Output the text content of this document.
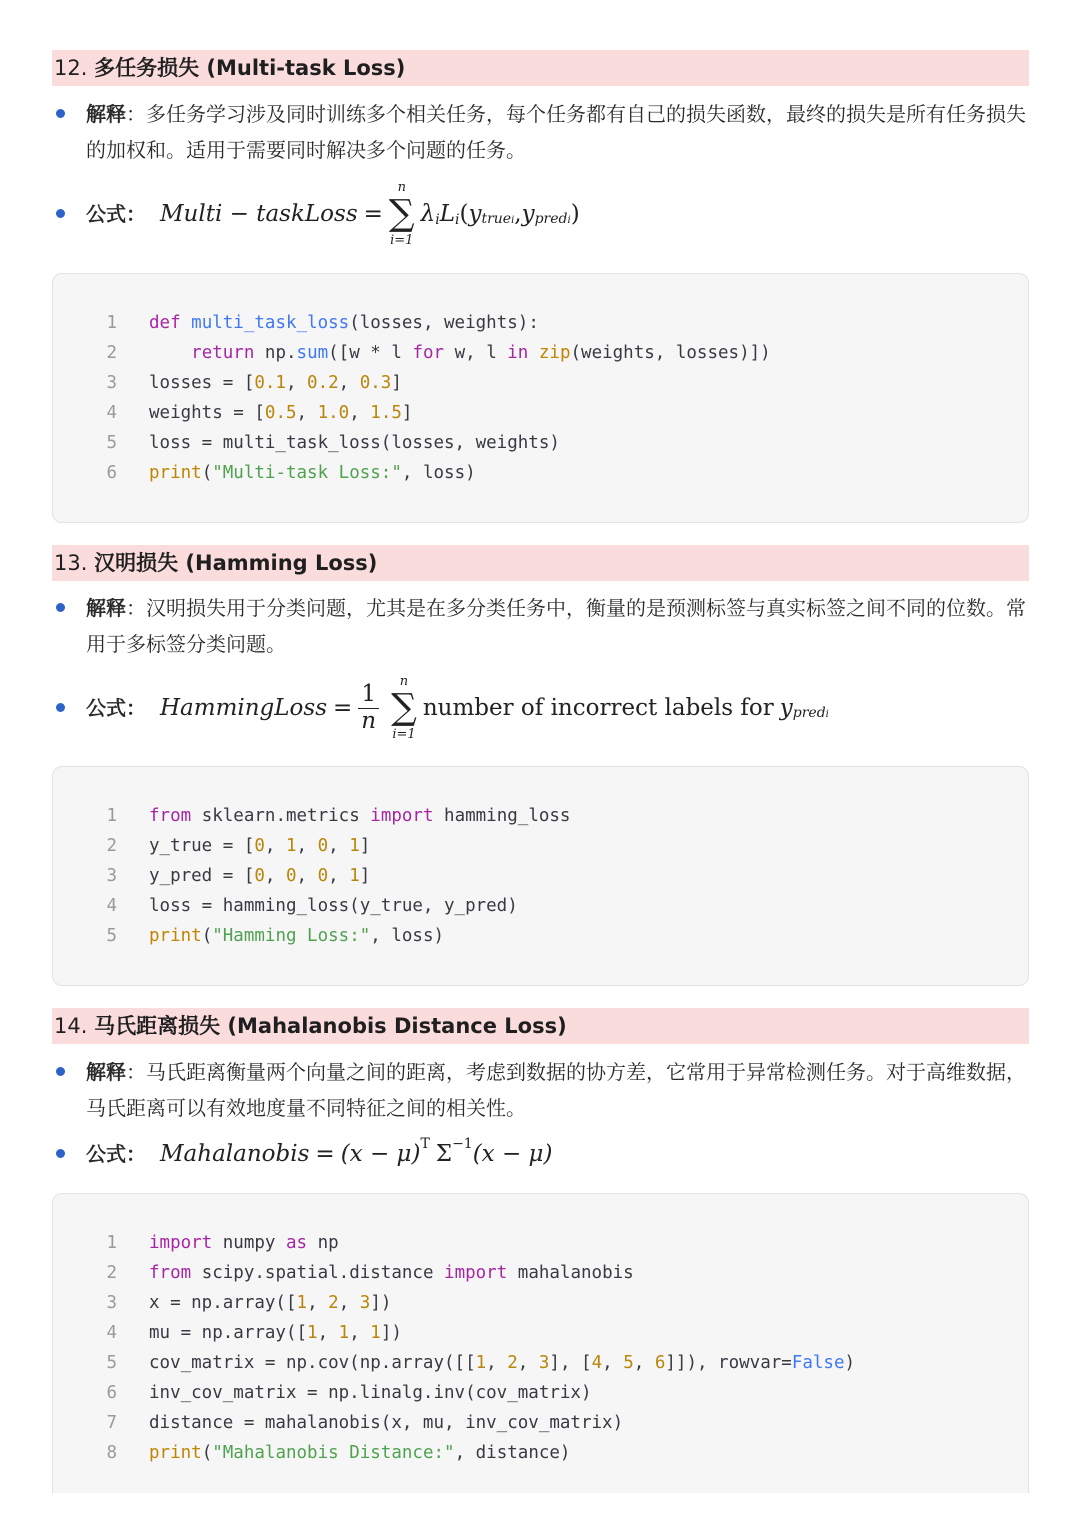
12. 多任务损失 (Multi-task Loss)
解释：多任务学习涉及同时训练多个相关任务，每个任务都有自己的损失函数，最终的损失是所有任务损失的加权和。适用于需要同时解决多个问题的任务。
公式： Multi − taskLoss =
n
∑
i=1
λ i L i ( y truei , y predi )
1 def multi_task_loss(losses, weights):
2	return np.sum([w * l for w, l in zip(weights, losses)])
3 losses = [0.1, 0.2, 0.3]
4 weights = [0.5, 1.0, 1.5]
5 loss = multi_task_loss(losses, weights)
6 print("Multi-task Loss:", loss)
13. 汉明损失 (Hamming Loss)
解释：汉明损失用于分类问题，尤其是在多分类任务中，衡量的是预测标签与真实标签之间不同的位数。常用于多标签分类问题。
公式： HammingLoss = $\frac{1}{n}$
n
∑
i=1
number of incorrect labels for y predi
1 from sklearn.metrics import hamming_loss
2 y_true = [0, 1, 0, 1]
3 y_pred = [0, 0, 0, 1]
4 loss = hamming_loss(y_true, y_pred)
5 print("Hamming Loss:", loss)
14. 马氏距离损失 (Mahalanobis Distance Loss)
解释：马氏距离衡量两个向量之间的距离，考虑到数据的协方差，它常用于异常检测任务。对于高维数据，马氏距离可以有效地度量不同特征之间的相关性。
公式： Mahalanobis = (x − μ) T Σ −1 (x − μ)
1 import numpy as np
2 from scipy.spatial.distance import mahalanobis
3 x = np.array([1, 2, 3])
4 mu = np.array([1, 1, 1])
5 cov_matrix = np.cov(np.array([[1, 2, 3], [4, 5, 6]]), rowvar=False)
6 inv_cov_matrix = np.linalg.inv(cov_matrix)
7 distance = mahalanobis(x, mu, inv_cov_matrix)
8 print("Mahalanobis Distance:", distance)
